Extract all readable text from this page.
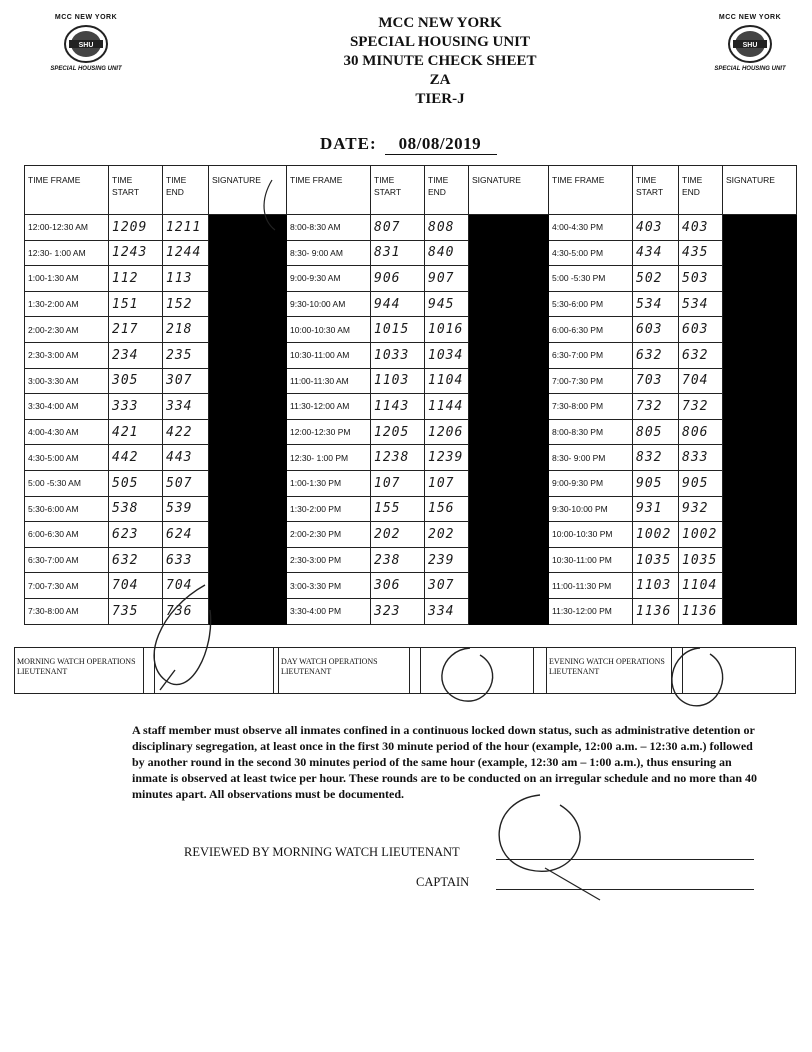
MCC NEW YORK
SHU
SPECIAL HOUSING UNIT
MCC NEW YORK
SHU
SPECIAL HOUSING UNIT
MCC NEW YORK
SPECIAL HOUSING UNIT
30 MINUTE CHECK SHEET
ZA
TIER-J
DATE: 08/08/2019
TIME FRAME	TIME START	TIME END	SIGNATURE	TIME FRAME	TIME START	TIME END	SIGNATURE	TIME FRAME	TIME START	TIME END	SIGNATURE
12:00-12:30 AM	1209	1211		8:00-8:30 AM	807	808		4:00-4:30 PM	403	403	
12:30- 1:00 AM	1243	1244		8:30- 9:00 AM	831	840		4:30-5:00 PM	434	435	
1:00-1:30 AM	112	113		9:00-9:30 AM	906	907		5:00 -5:30 PM	502	503	
1:30-2:00 AM	151	152		9:30-10:00 AM	944	945		5:30-6:00 PM	534	534	
2:00-2:30 AM	217	218		10:00-10:30 AM	1015	1016		6:00-6:30 PM	603	603	
2:30-3:00 AM	234	235		10:30-11:00 AM	1033	1034		6:30-7:00 PM	632	632	
3:00-3:30 AM	305	307		11:00-11:30 AM	1103	1104		7:00-7:30 PM	703	704	
3:30-4:00 AM	333	334		11:30-12:00 AM	1143	1144		7:30-8:00 PM	732	732	
4:00-4:30 AM	421	422		12:00-12:30 PM	1205	1206		8:00-8:30 PM	805	806	
4:30-5:00 AM	442	443		12:30- 1:00 PM	1238	1239		8:30- 9:00 PM	832	833	
5:00 -5:30 AM	505	507		1:00-1:30 PM	107	107		9:00-9:30 PM	905	905	
5:30-6:00 AM	538	539		1:30-2:00 PM	155	156		9:30-10:00 PM	931	932	
6:00-6:30 AM	623	624		2:00-2:30 PM	202	202		10:00-10:30 PM	1002	1002	
6:30-7:00 AM	632	633		2:30-3:00 PM	238	239		10:30-11:00 PM	1035	1035	
7:00-7:30 AM	704	704		3:00-3:30 PM	306	307		11:00-11:30 PM	1103	1104	
7:30-8:00 AM	735	736		3:30-4:00 PM	323	334		11:30-12:00 PM	1136	1136	
MORNING WATCH OPERATIONS LIEUTENANT
DAY WATCH OPERATIONS LIEUTENANT
EVENING WATCH OPERATIONS LIEUTENANT
A staff member must observe all inmates confined in a continuous locked down status, such as administrative detention or disciplinary segregation, at least once in the first 30 minute period of the hour (example, 12:00 a.m. – 12:30 a.m.) followed by another round in the second 30 minutes period of the same hour (example, 12:30 am – 1:00 a.m.), thus ensuring an inmate is observed at least twice per hour. These rounds are to be conducted on an irregular schedule and no more than 40 minutes apart. All observations must be documented.
REVIEWED BY MORNING WATCH LIEUTENANT
CAPTAIN
